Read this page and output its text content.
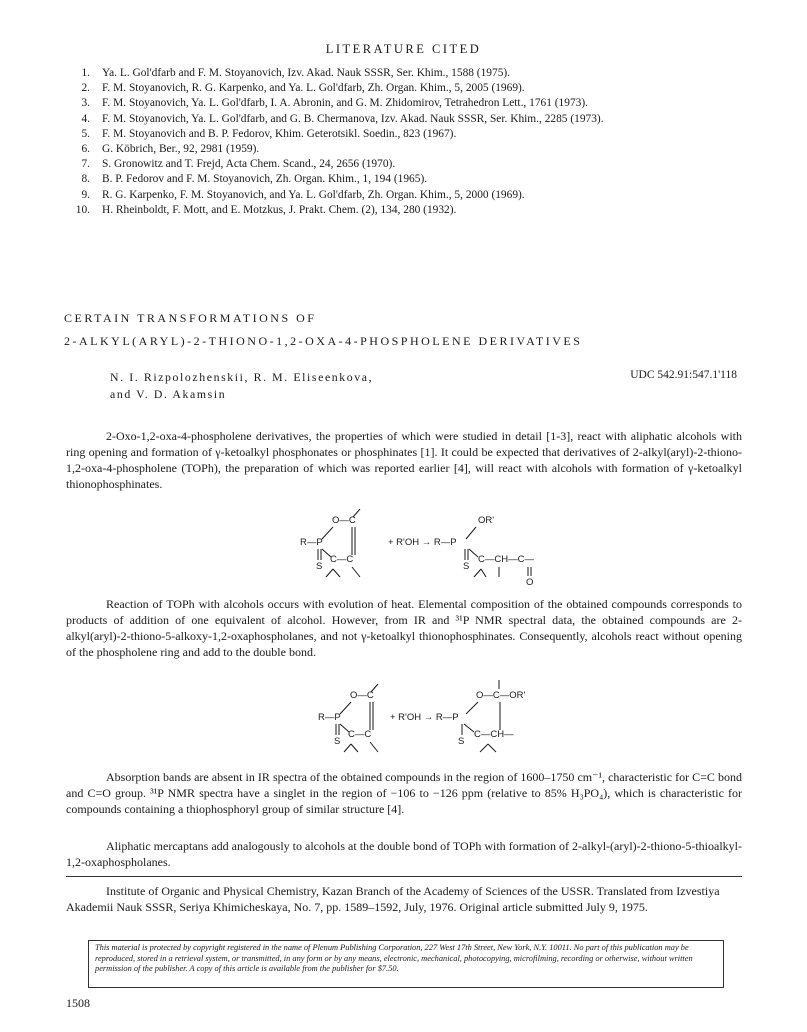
LITERATURE CITED
1.	Ya. L. Gol'dfarb and F. M. Stoyanovich, Izv. Akad. Nauk SSSR, Ser. Khim., 1588 (1975).
2.	F. M. Stoyanovich, R. G. Karpenko, and Ya. L. Gol'dfarb, Zh. Organ. Khim., 5, 2005 (1969).
3.	F. M. Stoyanovich, Ya. L. Gol'dfarb, I. A. Abronin, and G. M. Zhidomirov, Tetrahedron Lett., 1761 (1973).
4.	F. M. Stoyanovich, Ya. L. Gol'dfarb, and G. B. Chermanova, Izv. Akad. Nauk SSSR, Ser. Khim., 2285 (1973).
5.	F. M. Stoyanovich and B. P. Fedorov, Khim. Geterotsikl. Soedin., 823 (1967).
6.	G. Köbrich, Ber., 92, 2981 (1959).
7.	S. Gronowitz and T. Frejd, Acta Chem. Scand., 24, 2656 (1970).
8.	B. P. Fedorov and F. M. Stoyanovich, Zh. Organ. Khim., 1, 194 (1965).
9.	R. G. Karpenko, F. M. Stoyanovich, and Ya. L. Gol'dfarb, Zh. Organ. Khim., 5, 2000 (1969).
10.	H. Rheinboldt, F. Mott, and E. Motzkus, J. Prakt. Chem. (2), 134, 280 (1932).
CERTAIN TRANSFORMATIONS OF
2-ALKYL(ARYL)-2-THIONO-1,2-OXA-4-PHOSPHOLENE DERIVATIVES
N. I. Rizpolozhenskii, R. M. Eliseenkova,
and V. D. Akamsin
UDC 542.91:547.1'118

2-Oxo-1,2-oxa-4-phospholene derivatives, the properties of which were studied in detail [1-3], react with aliphatic alcohols with ring opening and formation of γ-ketoalkyl phosphonates or phosphinates [1]. It could be expected that derivatives of 2-alkyl(aryl)-2-thiono-1,2-oxa-4-phospholene (TOPh), the preparation of which was reported earlier [4], will react with alcohols with formation of γ-ketoalkyl thionophosphinates.

O—C
R—P
S
C—C
+ R'OH → R—P
OR'
S
C—CH—C—
O

Reaction of TOPh with alcohols occurs with evolution of heat. Elemental composition of the obtained compounds corresponds to products of addition of one equivalent of alcohol. However, from IR and ³¹P NMR spectral data, the obtained compounds are 2-alkyl(aryl)-2-thiono-5-alkoxy-1,2-oxaphospholanes, and not γ-ketoalkyl thionophosphinates. Consequently, alcohols react without opening of the phospholene ring and add to the double bond.

O—C
R—P
S
C—C
+ R'OH → R—P
O—C—OR'
S
C—CH—

Absorption bands are absent in IR spectra of the obtained compounds in the region of 1600–1750 cm⁻¹, characteristic for C=C bond and C=O group. ³¹P NMR spectra have a singlet in the region of −106 to −126 ppm (relative to 85% H₃PO₄), which is characteristic for compounds containing a thiophosphoryl group of similar structure [4].

Aliphatic mercaptans add analogously to alcohols at the double bond of TOPh with formation of 2-alkyl-(aryl)-2-thiono-5-thioalkyl-1,2-oxaphospholanes.

Institute of Organic and Physical Chemistry, Kazan Branch of the Academy of Sciences of the USSR. Translated from Izvestiya Akademii Nauk SSSR, Seriya Khimicheskaya, No. 7, pp. 1589–1592, July, 1976. Original article submitted July 9, 1975.

This material is protected by copyright registered in the name of Plenum Publishing Corporation, 227 West 17th Street, New York, N.Y. 10011. No part of this publication may be reproduced, stored in a retrieval system, or transmitted, in any form or by any means, electronic, mechanical, photocopying, microfilming, recording or otherwise, without written permission of the publisher. A copy of this article is available from the publisher for $7.50.
1508
